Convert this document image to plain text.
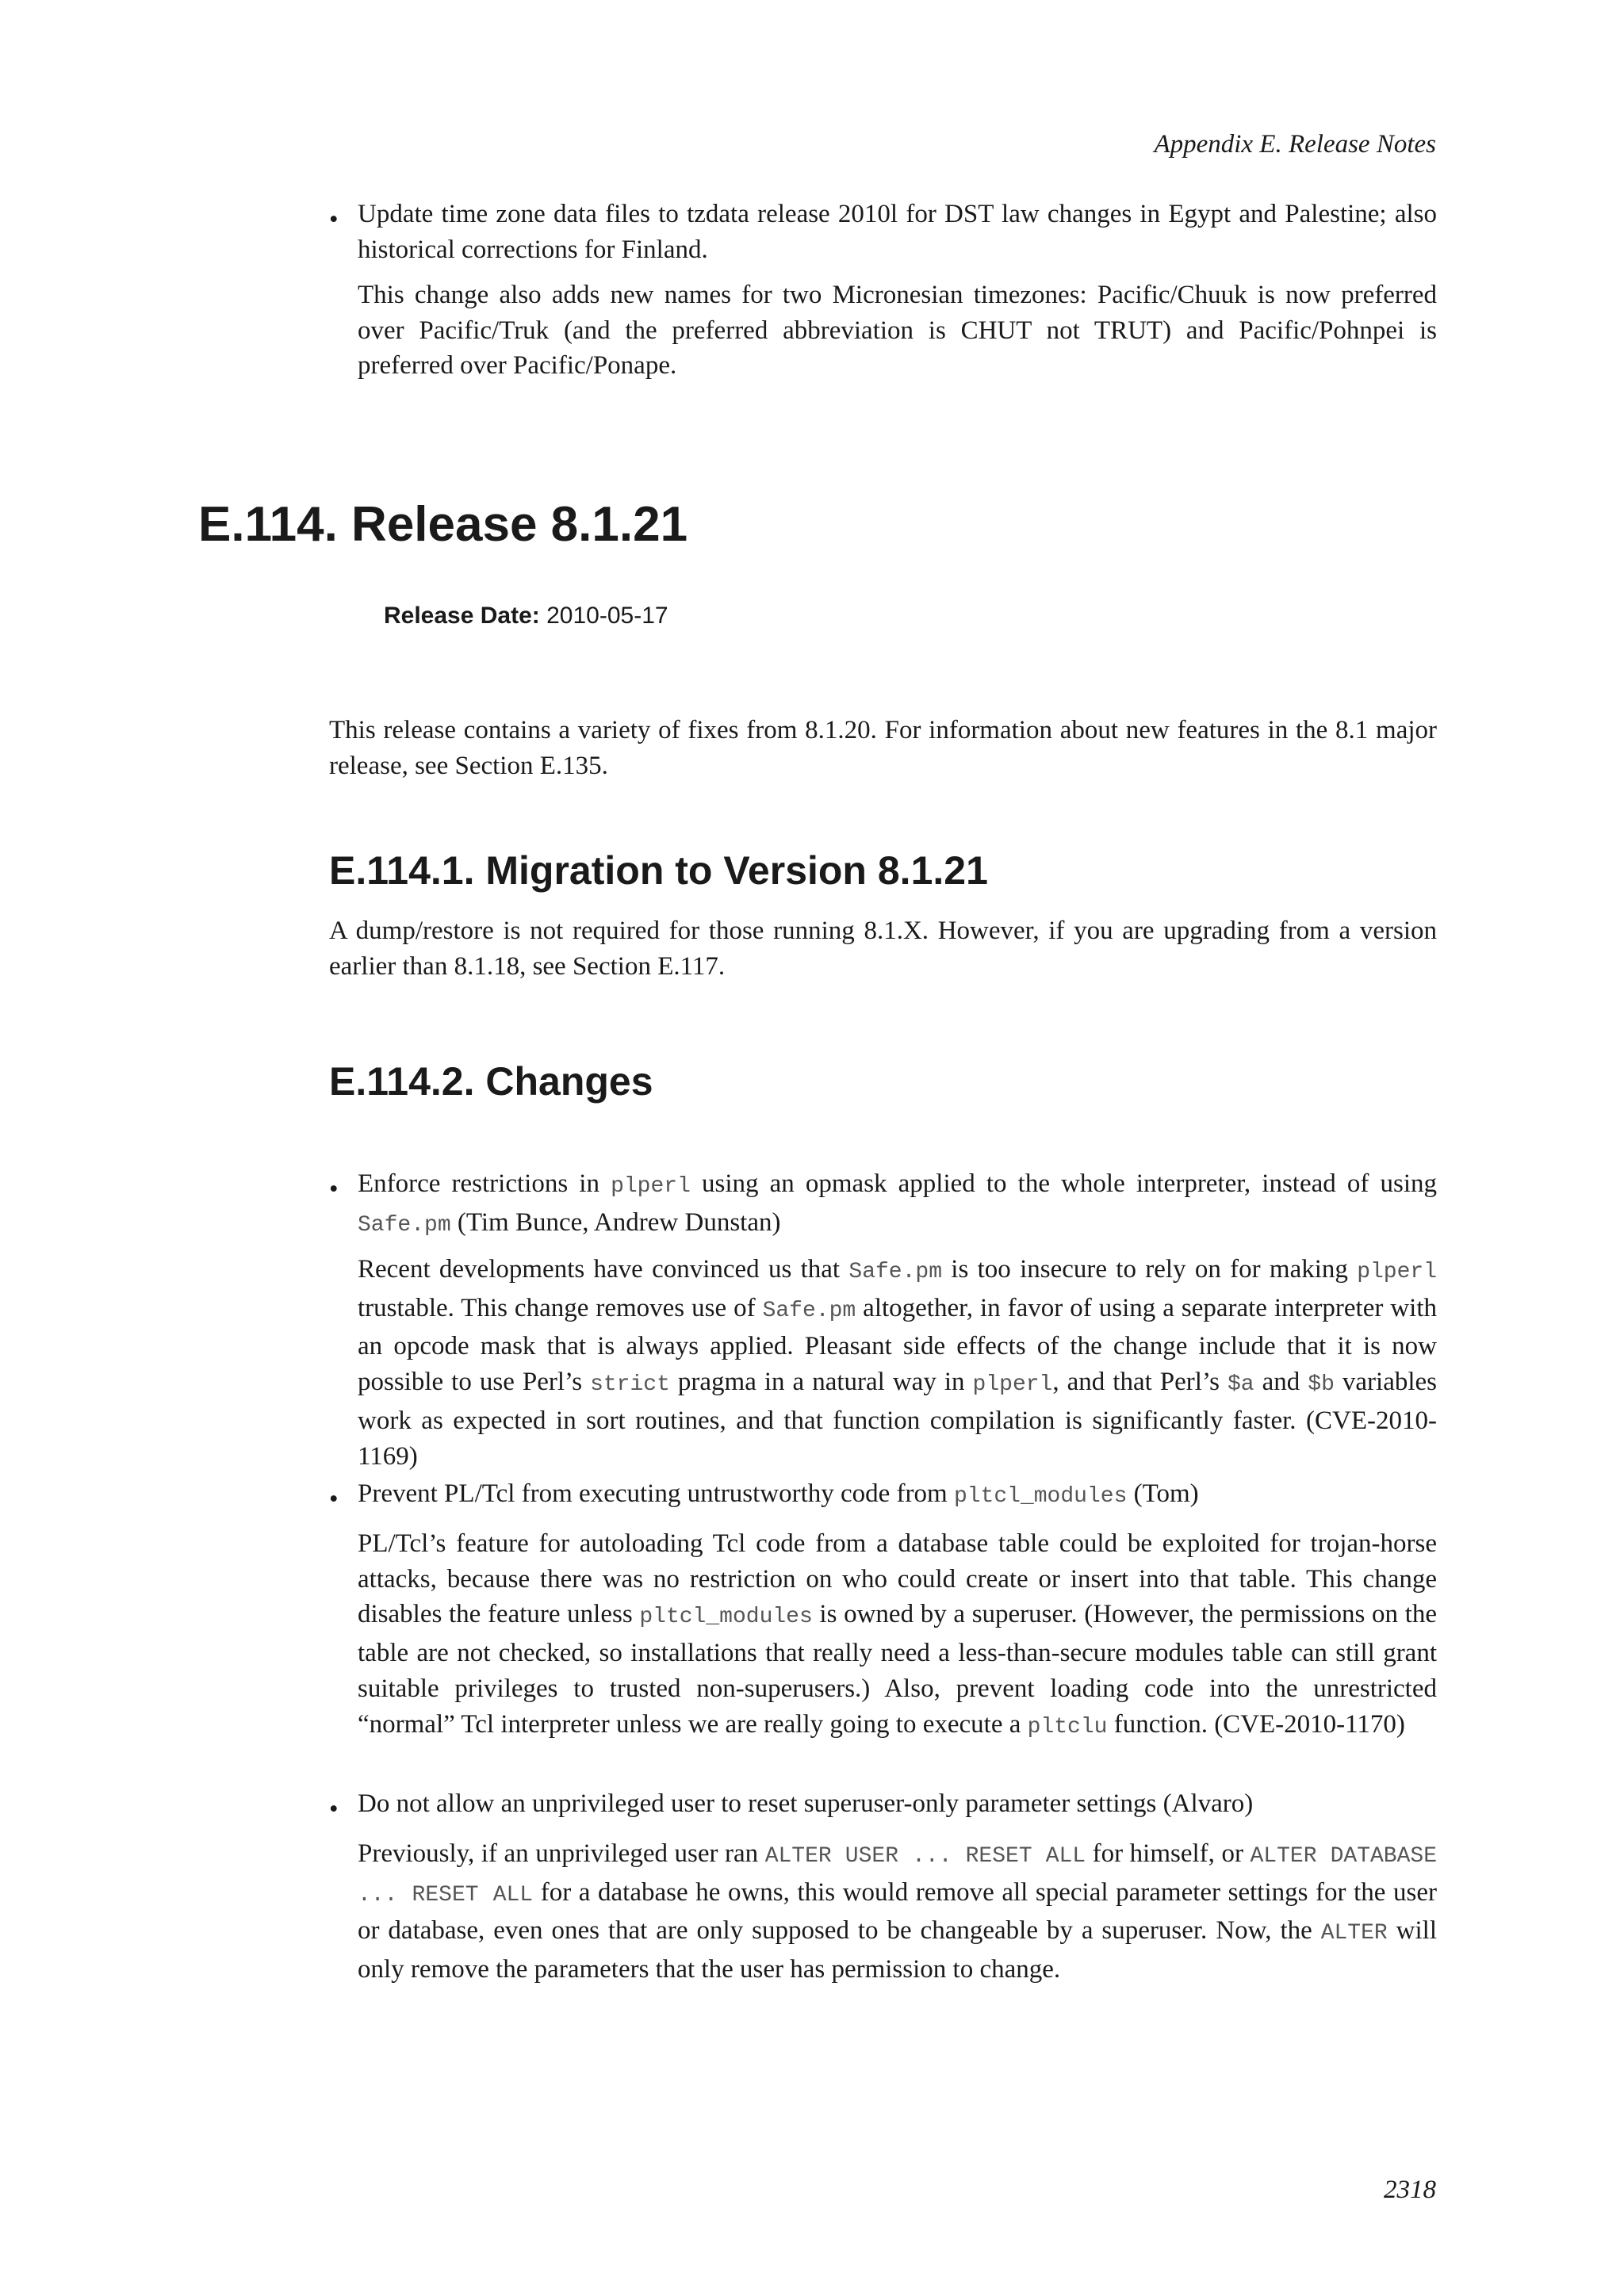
Appendix E. Release Notes
• Update time zone data files to tzdata release 2010l for DST law changes in Egypt and Palestine; also historical corrections for Finland.

This change also adds new names for two Micronesian timezones: Pacific/Chuuk is now preferred over Pacific/Truk (and the preferred abbreviation is CHUT not TRUT) and Pacific/Pohnpei is preferred over Pacific/Ponape.

E.114. Release 8.1.21
Release Date: 2010-05-17

This release contains a variety of fixes from 8.1.20. For information about new features in the 8.1 major release, see Section E.135.

E.114.1. Migration to Version 8.1.21

A dump/restore is not required for those running 8.1.X. However, if you are upgrading from a version earlier than 8.1.18, see Section E.117.

E.114.2. Changes
• Enforce restrictions in plperl using an opmask applied to the whole interpreter, instead of using Safe.pm (Tim Bunce, Andrew Dunstan)

Recent developments have convinced us that Safe.pm is too insecure to rely on for making plperl trustable. This change removes use of Safe.pm altogether, in favor of using a separate interpreter with an opcode mask that is always applied. Pleasant side effects of the change include that it is now possible to use Perl’s strict pragma in a natural way in plperl, and that Perl’s $a and $b variables work as expected in sort routines, and that function compilation is significantly faster. (CVE-2010-1169)

• Prevent PL/Tcl from executing untrustworthy code from pltcl_modules (Tom)

PL/Tcl’s feature for autoloading Tcl code from a database table could be exploited for trojan-horse attacks, because there was no restriction on who could create or insert into that table. This change disables the feature unless pltcl_modules is owned by a superuser. (However, the permissions on the table are not checked, so installations that really need a less-than-secure modules table can still grant suitable privileges to trusted non-superusers.) Also, prevent loading code into the unrestricted “normal” Tcl interpreter unless we are really going to execute a pltclu function. (CVE-2010-1170)

• Do not allow an unprivileged user to reset superuser-only parameter settings (Alvaro)

Previously, if an unprivileged user ran ALTER USER ... RESET ALL for himself, or ALTER DATABASE ... RESET ALL for a database he owns, this would remove all special parameter settings for the user or database, even ones that are only supposed to be changeable by a superuser. Now, the ALTER will only remove the parameters that the user has permission to change.

2318
